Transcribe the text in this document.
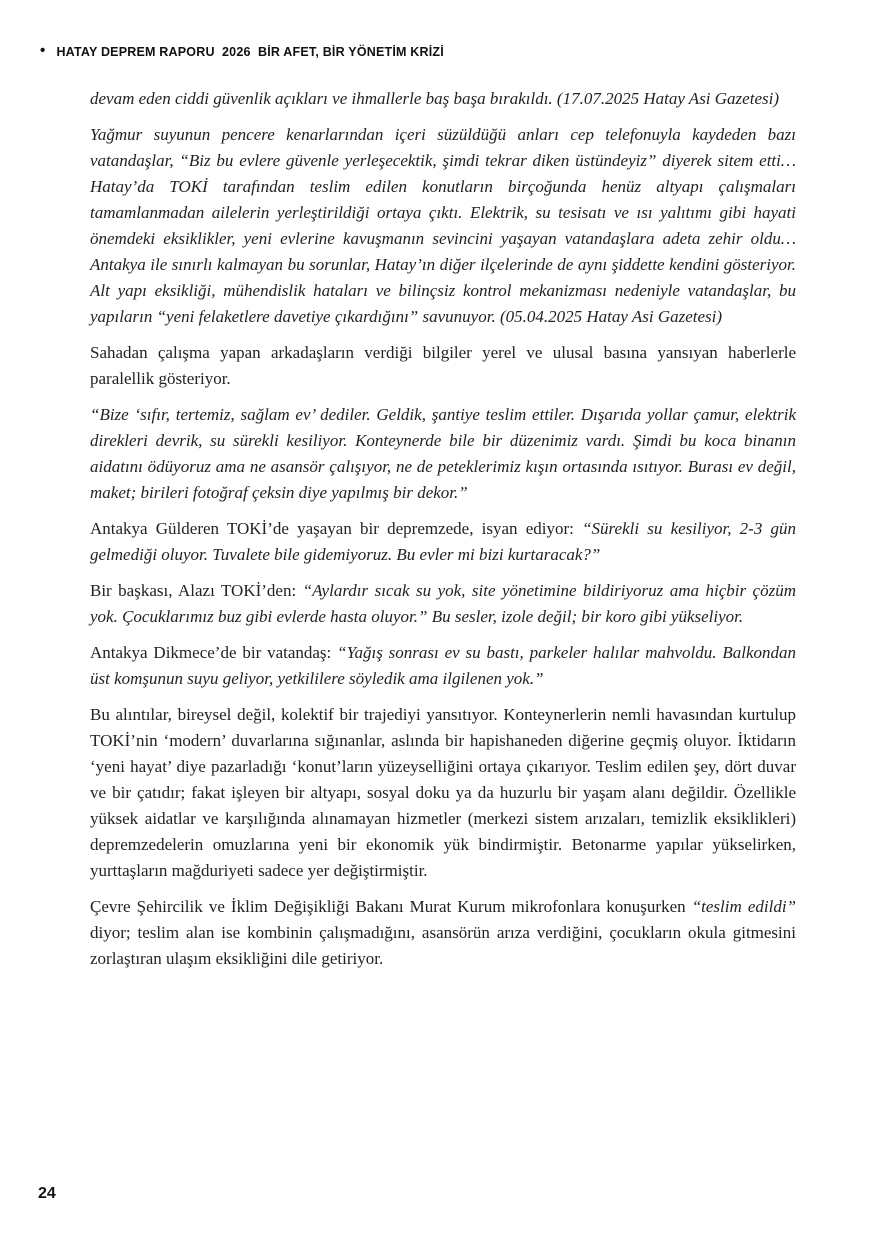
• HATAY DEPREM RAPORU  2026  BİR AFET, BİR YÖNETİM KRİZİ

devam eden ciddi güvenlik açıkları ve ihmallerle baş başa bırakıldı. (17.07.2025 Hatay Asi Gazetesi)

Yağmur suyunun pencere kenarlarından içeri süzüldüğü anları cep telefonuyla kaydeden bazı vatandaşlar, “Biz bu evlere güvenle yerleşecektik, şimdi tekrar diken üstündeyiz” diyerek sitem etti… Hatay’da TOKİ tarafından teslim edilen konutların birçoğunda henüz altyapı çalışmaları tamamlanmadan ailelerin yerleştirildiği ortaya çıktı. Elektrik, su tesisatı ve ısı yalıtımı gibi hayati önemdeki eksiklikler, yeni evlerine kavuşmanın sevincini yaşayan vatandaşlara adeta zehir oldu… Antakya ile sınırlı kalmayan bu sorunlar, Hatay’ın diğer ilçelerinde de aynı şiddette kendini gösteriyor. Alt yapı eksikliği, mühendislik hataları ve bilinçsiz kontrol mekanizması nedeniyle vatandaşlar, bu yapıların “yeni felaketlere davetiye çıkardığını” savunuyor. (05.04.2025 Hatay Asi Gazetesi)

Sahadan çalışma yapan arkadaşların verdiği bilgiler yerel ve ulusal basına yansıyan haberlerle paralellik gösteriyor.

“Bize ‘sıfır, tertemiz, sağlam ev’ dediler. Geldik, şantiye teslim ettiler. Dışarıda yollar çamur, elektrik direkleri devrik, su sürekli kesiliyor. Konteynerde bile bir düzenimiz vardı. Şimdi bu koca binanın aidatını ödüyoruz ama ne asansör çalışıyor, ne de peteklerimiz kışın ortasında ısıtıyor. Burası ev değil, maket; birileri fotoğraf çeksin diye yapılmış bir dekor.”

Antakya Gülderen TOKİ’de yaşayan bir depremzede, isyan ediyor: “Sürekli su kesiliyor, 2-3 gün gelmediği oluyor. Tuvalete bile gidemiyoruz. Bu evler mi bizi kurtaracak?”

Bir başkası, Alazı TOKİ’den: “Aylardır sıcak su yok, site yönetimine bildiriyoruz ama hiçbir çözüm yok. Çocuklarımız buz gibi evlerde hasta oluyor.” Bu sesler, izole değil; bir koro gibi yükseliyor.

Antakya Dikmece’de bir vatandaş: “Yağış sonrası ev su bastı, parkeler halılar mahvoldu. Balkondan üst komşunun suyu geliyor, yetkililere söyledik ama ilgilenen yok.”

Bu alıntılar, bireysel değil, kolektif bir trajediyi yansıtıyor. Konteynerlerin nemli havasından kurtulup TOKİ’nin ‘modern’ duvarlarına sığınanlar, aslında bir hapishaneden diğerine geçmiş oluyor. İktidarın ‘yeni hayat’ diye pazarladığı ‘konut’ların yüzeyselliğini ortaya çıkarıyor. Teslim edilen şey, dört duvar ve bir çatıdır; fakat işleyen bir altyapı, sosyal doku ya da huzurlu bir yaşam alanı değildir. Özellikle yüksek aidatlar ve karşılığında alınamayan hizmetler (merkezi sistem arızaları, temizlik eksiklikleri) depremzedelerin omuzlarına yeni bir ekonomik yük bindirmiştir. Betonarme yapılar yükselirken, yurttaşların mağduriyeti sadece yer değiştirmiştir.

Çevre Şehircilik ve İklim Değişikliği Bakanı Murat Kurum mikrofonlara konuşurken “teslim edildi” diyor; teslim alan ise kombinin çalışmadığını, asansörün arıza verdiğini, çocukların okula gitmesini zorlaştıran ulaşım eksikliğini dile getiriyor.

24
